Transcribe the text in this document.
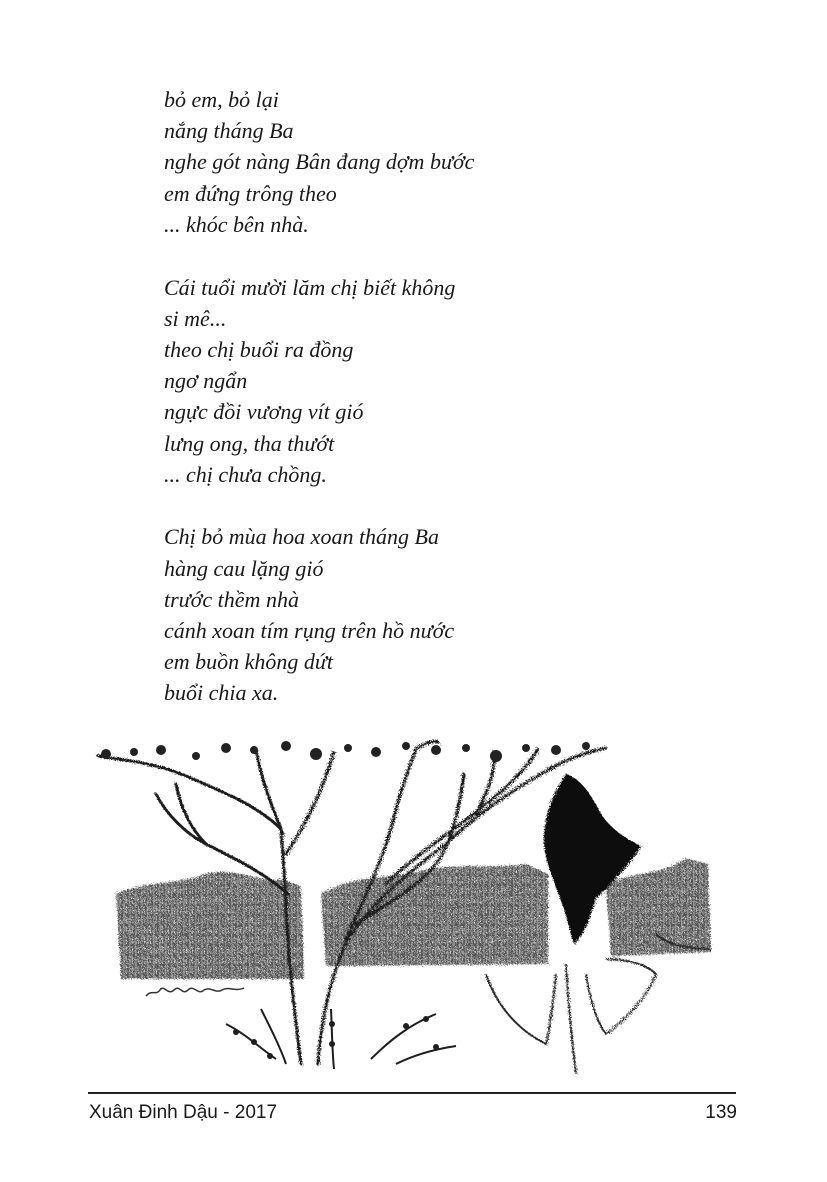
bỏ em, bỏ lại
nắng tháng Ba
nghe gót nàng Bân đang dợm bước
em đứng trông theo
... khóc bên nhà.
Cái tuổi mười lăm chị biết không
si mê...
theo chị buổi ra đồng
ngơ ngẩn
ngực đồi vương vít gió
lưng ong, tha thướt
... chị chưa chồng.
Chị bỏ mùa hoa xoan tháng Ba
hàng cau lặng gió
trước thềm nhà
cánh xoan tím rụng trên hồ nước
em buồn không dứt
buổi chia xa.
Xuân Đinh Dậu - 2017	139
